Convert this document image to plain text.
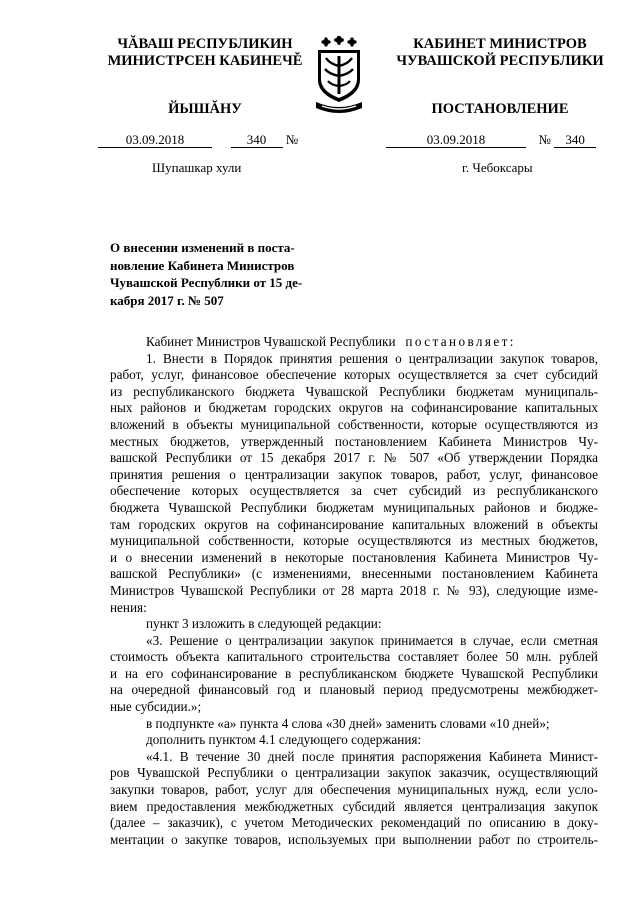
ЧĂВАШ РЕСПУБЛИКИН
МИНИСТРСЕН КАБИНЕЧĚ
ЙЫШĂНУ
КАБИНЕТ МИНИСТРОВ
ЧУВАШСКОЙ РЕСПУБЛИКИ
ПОСТАНОВЛЕНИЕ
03.09.2018	340 №	03.09.2018	№ 340
Шупашкар хули	г. Чебоксары
О внесении изменений в поста-
новление Кабинета Министров
Чувашской Республики от 15 де-
кабря 2017 г. № 507
Кабинет Министров Чувашской Республики постановляет:
1. Внести в Порядок принятия решения о централизации закупок товаров,
работ, услуг, финансовое обеспечение которых осуществляется за счет субсидий
из республиканского бюджета Чувашской Республики бюджетам муниципаль-
ных районов и бюджетам городских округов на софинансирование капитальных
вложений в объекты муниципальной собственности, которые осуществляются из
местных бюджетов, утвержденный постановлением Кабинета Министров Чу-
вашской Республики от 15 декабря 2017 г. № 507 «Об утверждении Порядка
принятия решения о централизации закупок товаров, работ, услуг, финансовое
обеспечение которых осуществляется за счет субсидий из республиканского
бюджета Чувашской Республики бюджетам муниципальных районов и бюдже-
там городских округов на софинансирование капитальных вложений в объекты
муниципальной собственности, которые осуществляются из местных бюджетов,
и о внесении изменений в некоторые постановления Кабинета Министров Чу-
вашской Республики» (с изменениями, внесенными постановлением Кабинета
Министров Чувашской Республики от 28 марта 2018 г. № 93), следующие изме-
нения:
пункт 3 изложить в следующей редакции:
«3. Решение о централизации закупок принимается в случае, если сметная
стоимость объекта капитального строительства составляет более 50 млн. рублей
и на его софинансирование в республиканском бюджете Чувашской Республики
на очередной финансовый год и плановый период предусмотрены межбюджет-
ные субсидии.»;
в подпункте «а» пункта 4 слова «30 дней» заменить словами «10 дней»;
дополнить пунктом 4.1 следующего содержания:
«4.1. В течение 30 дней после принятия распоряжения Кабинета Минист-
ров Чувашской Республики о централизации закупок заказчик, осуществляющий
закупки товаров, работ, услуг для обеспечения муниципальных нужд, если усло-
вием предоставления межбюджетных субсидий является централизация закупок
(далее – заказчик), с учетом Методических рекомендаций по описанию в доку-
ментации о закупке товаров, используемых при выполнении работ по строитель-
